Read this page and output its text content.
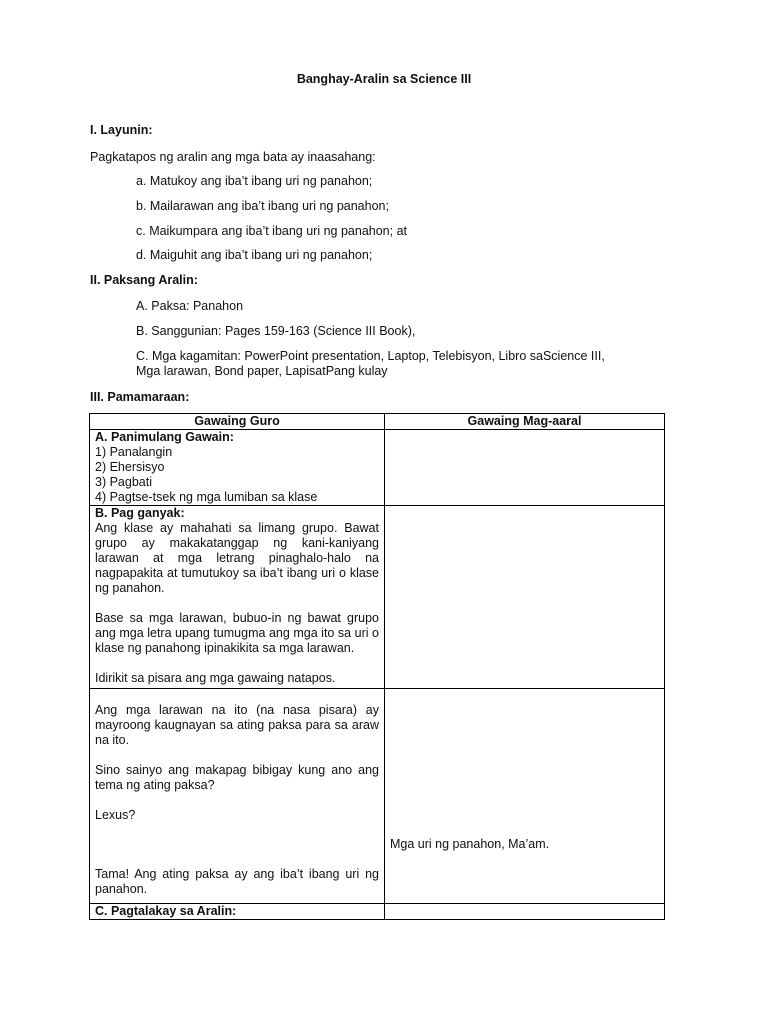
Banghay-Aralin sa Science III
I. Layunin:
Pagkatapos ng aralin ang mga bata ay inaasahang:
a. Matukoy ang iba’t ibang uri ng panahon;
b. Mailarawan ang iba’t ibang uri ng panahon;
c. Maikumpara ang iba’t ibang uri ng panahon; at
d. Maiguhit ang iba’t ibang uri ng panahon;
II. Paksang Aralin:
A. Paksa: Panahon
B. Sanggunian: Pages 159-163 (Science III Book),
C. Mga kagamitan: PowerPoint presentation, Laptop, Telebisyon, Libro saScience III,
Mga larawan, Bond paper, LapisatPang kulay
III. Pamamaraan:
Gawaing Guro	Gawaing Mag-aaral

A. Panimulang Gawain:
1) Panalangin
2) Ehersisyo
3) Pagbati
4) Pagtse-tsek ng mga lumiban sa klase	

B. Pag ganyak:
Ang klase ay mahahati sa limang grupo. Bawat grupo ay makakatanggap ng kani-kaniyang larawan at mga letrang pinaghalo-halo na nagpapakita at tumutukoy sa iba’t ibang uri o klase ng panahon.
Base sa mga larawan, bubuo-in ng bawat grupo ang mga letra upang tumugma ang mga ito sa uri o klase ng panahong ipinakikita sa mga larawan.
Idirikit sa pisara ang mga gawaing natapos.	

Ang mga larawan na ito (na nasa pisara) ay mayroong kaugnayan sa ating paksa para sa araw na ito.
Sino sainyo ang makapag bibigay kung ano ang tema ng ating paksa?
Lexus?
Tama! Ang ating paksa ay ang iba’t ibang uri ng panahon.	Mga uri ng panahon, Ma’am.

C. Pagtalakay sa Aralin:	
